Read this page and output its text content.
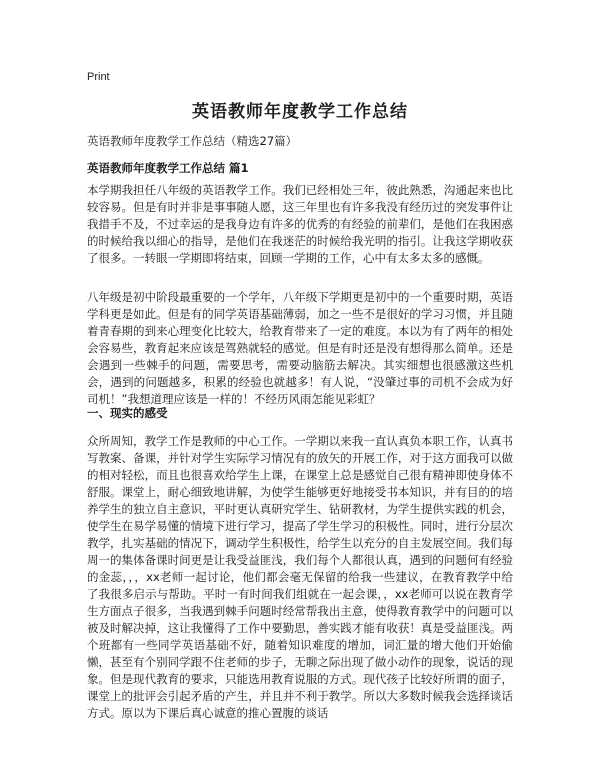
Print
英语教师年度教学工作总结
英语教师年度教学工作总结（精选27篇）
英语教师年度教学工作总结 篇1

本学期我担任八年级的英语教学工作。我们已经相处三年，彼此熟悉，沟通起来也比较容易。但是有时并非是事事随人愿，这三年里也有许多我没有经历过的突发事件让我措手不及，不过幸运的是我身边有许多的优秀的有经验的前辈们，是他们在我困惑的时候给我以细心的指导，是他们在我迷茫的时候给我光明的指引。让我这学期收获了很多。一转眼一学期即将结束，回顾一学期的工作，心中有太多太多的感慨。

八年级是初中阶段最重要的一个学年，八年级下学期更是初中的一个重要时期，英语学科更是如此。但是有的同学英语基础薄弱，加之一些不是很好的学习习惯，并且随着青春期的到来心理变化比较大，给教育带来了一定的难度。本以为有了两年的相处会容易些，教育起来应该是驾熟就轻的感觉。但是有时还是没有想得那么简单。还是会遇到一些棘手的问题，需要思考，需要动脑筋去解决。其实细想也很感激这些机会，遇到的问题越多，积累的经验也就越多！有人说，“没肇过事的司机不会成为好司机！”我想道理应该是一样的！不经历风雨怎能见彩虹？

一、现实的感受

众所周知，教学工作是教师的中心工作。一学期以来我一直认真负本职工作，认真书写教案、备课，并针对学生实际学习情况有的放矢的开展工作，对于这方面我可以做的相对轻松，而且也很喜欢给学生上课，在课堂上总是感觉自己很有精神即使身体不舒服。课堂上，耐心细致地讲解，为使学生能够更好地接受书本知识，并有目的的培养学生的独立自主意识，平时更认真研究学生、钻研教材，为学生提供实践的机会，使学生在易学易懂的情境下进行学习，提高了学生学习的积极性。同时，进行分层次教学，扎实基础的情况下，调动学生积极性，给学生以充分的自主发展空间。我们每周一的集体备课时间更是让我受益匪浅，我们每个人都很认真，遇到的问题何有经验的金蕊，，，xx老师一起讨论，他们都会毫无保留的给我一些建议，在教育教学中给了我很多启示与帮助。平时一有时间我们组就在一起会课，，xx老师可以说在教育学生方面点子很多，当我遇到棘手问题时经常帮我出主意，使得教育教学中的问题可以被及时解决掉，这让我懂得了工作中要勤思，善实践才能有收获！真是受益匪浅。两个班都有一些同学英语基础不好，随着知识难度的增加，词汇量的增大他们开始偷懒，甚至有个别同学跟不住老师的步子，无聊之际出现了做小动作的现象，说话的现象。但是现代教育的要求，只能选用教育说服的方式。现代孩子比较好所谓的面子，课堂上的批评会引起矛盾的产生，并且并不利于教学。所以大多数时候我会选择谈话方式。原以为下课后真心诚意的推心置腹的谈话
